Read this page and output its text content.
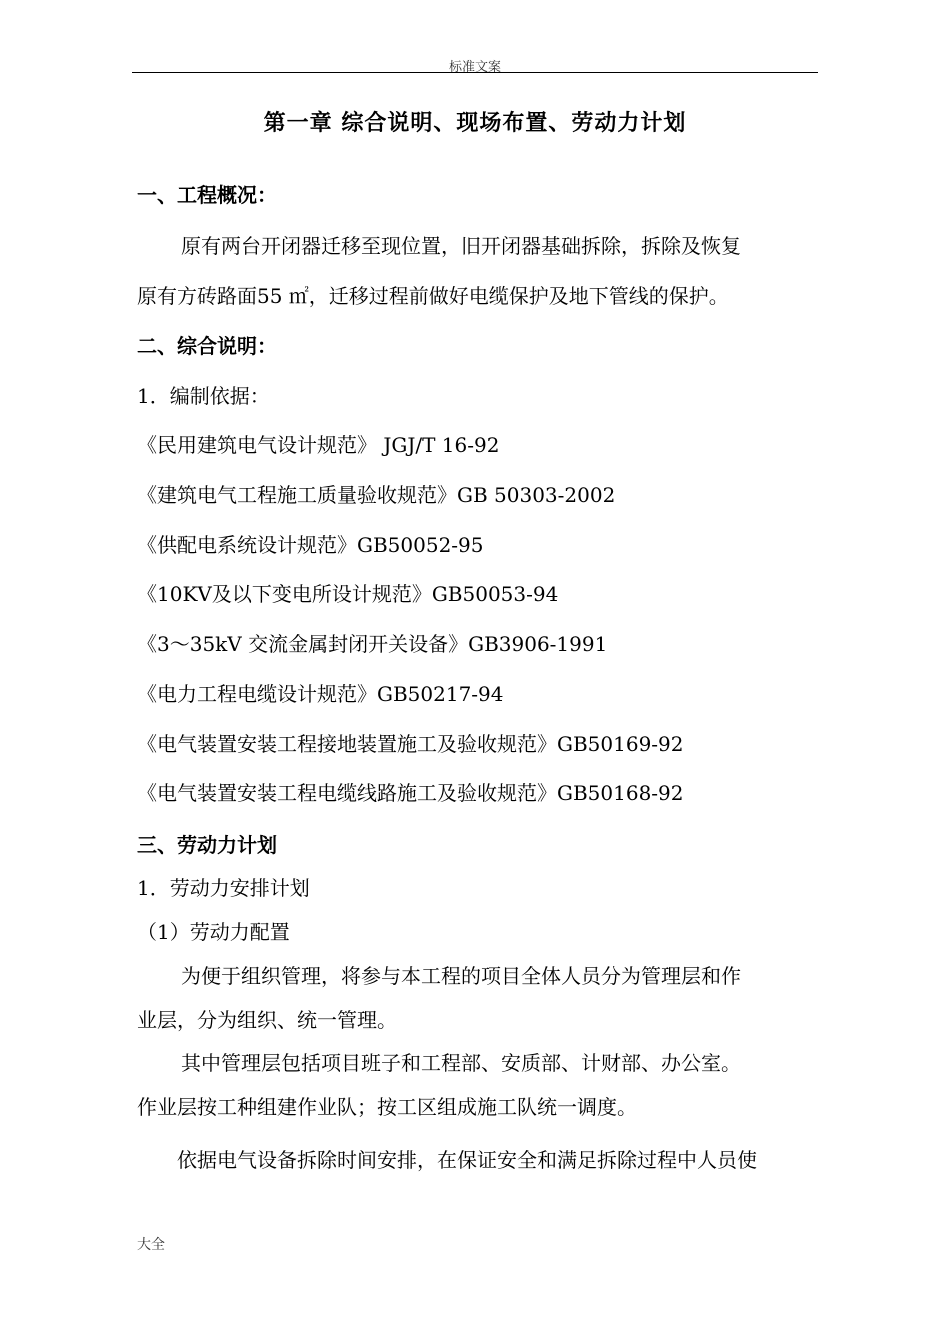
标准文案
第一章 综合说明、现场布置、劳动力计划
一、工程概况：
原有两台开闭器迁移至现位置，旧开闭器基础拆除，拆除及恢复
原有方砖路面55 ㎡，迁移过程前做好电缆保护及地下管线的保护。
二、综合说明：
1．编制依据：
《民用建筑电气设计规范》 JGJ/T 16-92
《建筑电气工程施工质量验收规范》GB 50303-2002
《供配电系统设计规范》GB50052-95
《10KV及以下变电所设计规范》GB50053-94
《3～35kV 交流金属封闭开关设备》GB3906-1991
《电力工程电缆设计规范》GB50217-94
《电气装置安装工程接地装置施工及验收规范》GB50169-92
《电气装置安装工程电缆线路施工及验收规范》GB50168-92
三、劳动力计划
1．劳动力安排计划
（1）劳动力配置
为便于组织管理，将参与本工程的项目全体人员分为管理层和作
业层，分为组织、统一管理。
其中管理层包括项目班子和工程部、安质部、计财部、办公室。
作业层按工种组建作业队；按工区组成施工队统一调度。
依据电气设备拆除时间安排，在保证安全和满足拆除过程中人员使
大全
